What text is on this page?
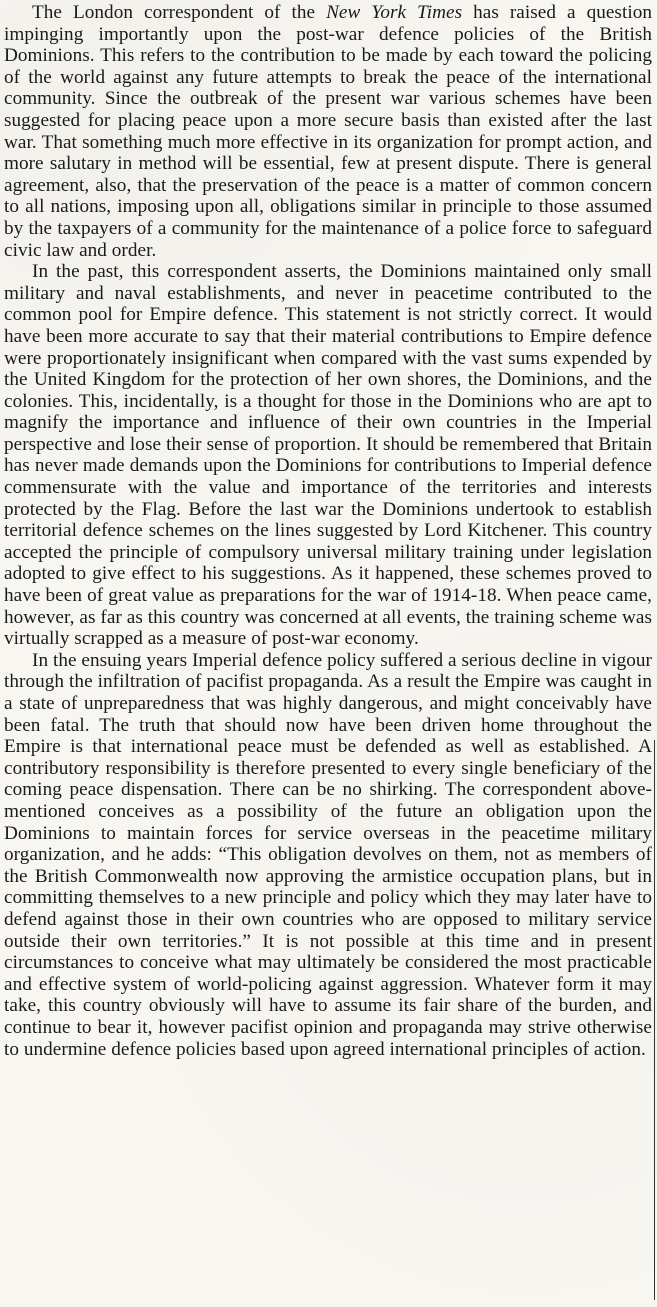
The London correspondent of the New York Times has raised a question impinging importantly upon the post-war defence policies of the British Dominions. This refers to the contribution to be made by each toward the policing of the world against any future attempts to break the peace of the international community. Since the outbreak of the present war various schemes have been suggested for placing peace upon a more secure basis than existed after the last war. That something much more effective in its organization for prompt action, and more salutary in method will be essential, few at present dispute. There is general agreement, also, that the preservation of the peace is a matter of common concern to all nations, imposing upon all, obligations similar in principle to those assumed by the taxpayers of a community for the maintenance of a police force to safeguard civic law and order.

In the past, this correspondent asserts, the Dominions maintained only small military and naval establishments, and never in peacetime contributed to the common pool for Empire defence. This statement is not strictly correct. It would have been more accurate to say that their material contributions to Empire defence were proportionately insignificant when compared with the vast sums expended by the United Kingdom for the protection of her own shores, the Dominions, and the colonies. This, incidentally, is a thought for those in the Dominions who are apt to magnify the importance and influence of their own countries in the Imperial perspective and lose their sense of proportion. It should be remembered that Britain has never made demands upon the Dominions for contributions to Imperial defence commensurate with the value and importance of the territories and interests protected by the Flag. Before the last war the Dominions undertook to establish territorial defence schemes on the lines suggested by Lord Kitchener. This country accepted the principle of compulsory universal military training under legislation adopted to give effect to his suggestions. As it happened, these schemes proved to have been of great value as preparations for the war of 1914-18. When peace came, however, as far as this country was concerned at all events, the training scheme was virtually scrapped as a measure of post-war economy.

In the ensuing years Imperial defence policy suffered a serious decline in vigour through the infiltration of pacifist propaganda. As a result the Empire was caught in a state of unpreparedness that was highly dangerous, and might conceivably have been fatal. The truth that should now have been driven home throughout the Empire is that international peace must be defended as well as established. A contributory responsibility is therefore presented to every single beneficiary of the coming peace dispensation. There can be no shirking. The correspondent above-mentioned conceives as a possibility of the future an obligation upon the Dominions to maintain forces for service overseas in the peacetime military organization, and he adds: “This obligation devolves on them, not as members of the British Commonwealth now approving the armistice occupation plans, but in committing themselves to a new principle and policy which they may later have to defend against those in their own countries who are opposed to military service outside their own territories.” It is not possible at this time and in present circumstances to conceive what may ultimately be considered the most practicable and effective system of world-policing against aggression. Whatever form it may take, this country obviously will have to assume its fair share of the burden, and continue to bear it, however pacifist opinion and propaganda may strive otherwise to undermine defence policies based upon agreed international principles of action.
